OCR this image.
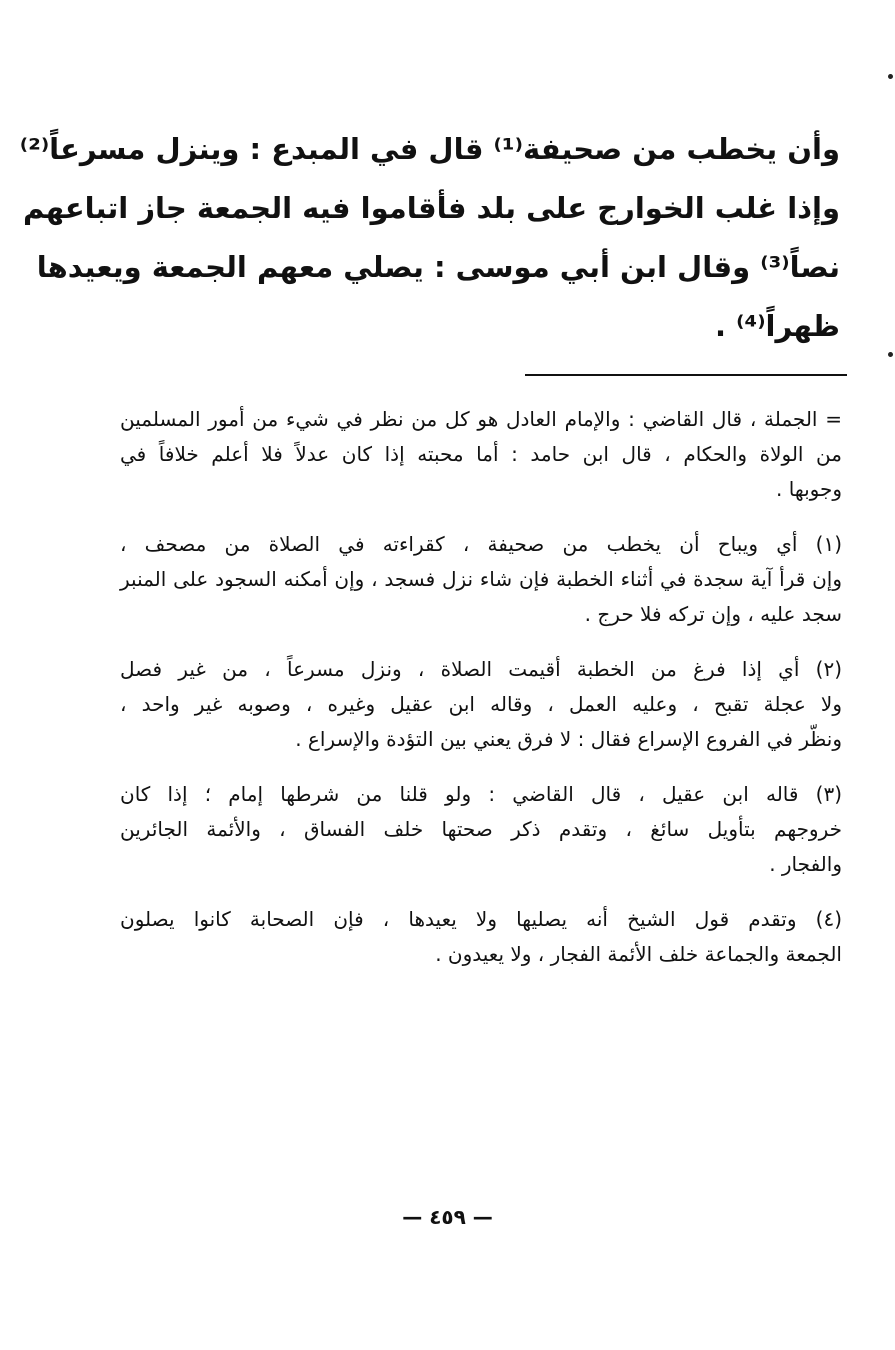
وأن يخطب من صحيفة⁽¹⁾ قال في المبدع : وينزل مسرعاً⁽²⁾
وإذا غلب الخوارج على بلد فأقاموا فيه الجمعة جاز اتباعهم
نصاً⁽³⁾ وقال ابن أبي موسى : يصلي معهم الجمعة ويعيدها
ظهراً⁽⁴⁾ .
= الجملة ، قال القاضي : والإمام العادل هو كل من نظر في شيء من أمور المسلمين
من الولاة والحكام ، قال ابن حامد : أما محبته إذا كان عدلاً فلا أعلم خلافاً في
وجوبها .
(١) أي ويباح أن يخطب من صحيفة ، كقراءته في الصلاة من مصحف ،
وإن قرأ آية سجدة في أثناء الخطبة فإن شاء نزل فسجد ، وإن أمكنه السجود على المنبر
سجد عليه ، وإن تركه فلا حرج .
(٢) أي إذا فرغ من الخطبة أقيمت الصلاة ، ونزل مسرعاً ، من غير فصل
ولا عجلة تقبح ، وعليه العمل ، وقاله ابن عقيل وغيره ، وصوبه غير واحد ،
ونظّر في الفروع الإسراع فقال : لا فرق يعني بين التؤدة والإسراع .
(٣) قاله ابن عقيل ، قال القاضي : ولو قلنا من شرطها إمام ؛ إذا كان
خروجهم بتأويل سائغ ، وتقدم ذكر صحتها خلف الفساق ، والأئمة الجائرين
والفجار .
(٤) وتقدم قول الشيخ أنه يصليها ولا يعيدها ، فإن الصحابة كانوا يصلون
الجمعة والجماعة خلف الأئمة الفجار ، ولا يعيدون .
— ٤٥٩ —
